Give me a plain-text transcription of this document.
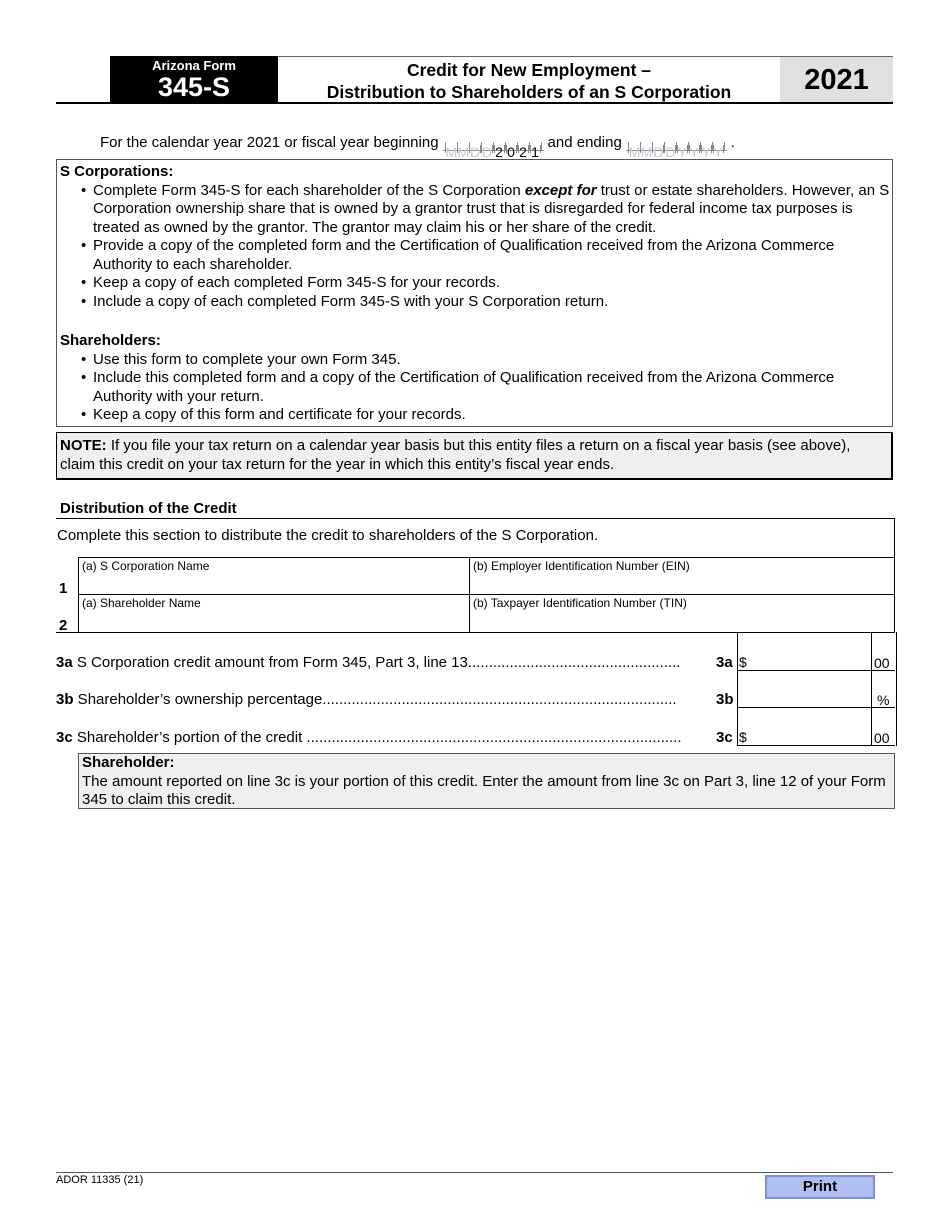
Arizona Form
345-S
Credit for New Employment –
Distribution to Shareholders of an S Corporation	2021
For the calendar year 2021 or fiscal year beginning
M M D D 2 0 2 1
and ending
M M D D Y Y Y Y
.
S Corporations:
• Complete Form 345-S for each shareholder of the S Corporation except for trust or estate shareholders. However, an S Corporation ownership share that is owned by a grantor trust that is disregarded for federal income tax purposes is treated as owned by the grantor. The grantor may claim his or her share of the credit.
• Provide a copy of the completed form and the Certification of Qualification received from the Arizona Commerce Authority to each shareholder.
• Keep a copy of each completed Form 345-S for your records.
• Include a copy of each completed Form 345-S with your S Corporation return.
Shareholders:
• Use this form to complete your own Form 345.
• Include this completed form and a copy of the Certification of Qualification received from the Arizona Commerce Authority with your return.
• Keep a copy of this form and certificate for your records.
NOTE: If you file your tax return on a calendar year basis but this entity files a return on a fiscal year basis (see above), claim this credit on your tax return for the year in which this entity’s fiscal year ends.
Distribution of the Credit
Complete this section to distribute the credit to shareholders of the S Corporation.
1
(a) S Corporation Name	(b) Employer Identification Number (EIN)
2
(a) Shareholder Name	(b) Taxpayer Identification Number (TIN)
3a S Corporation credit amount from Form 345, Part 3, line 13...................................................	3a $	00
3b Shareholder’s ownership percentage.....................................................................................	3b	%
3c Shareholder’s portion of the credit ..........................................................................................	3c $	00
Shareholder:
The amount reported on line 3c is your portion of this credit. Enter the amount from line 3c on Part 3, line 12 of your Form 345 to claim this credit.
ADOR 11335 (21)	Print
